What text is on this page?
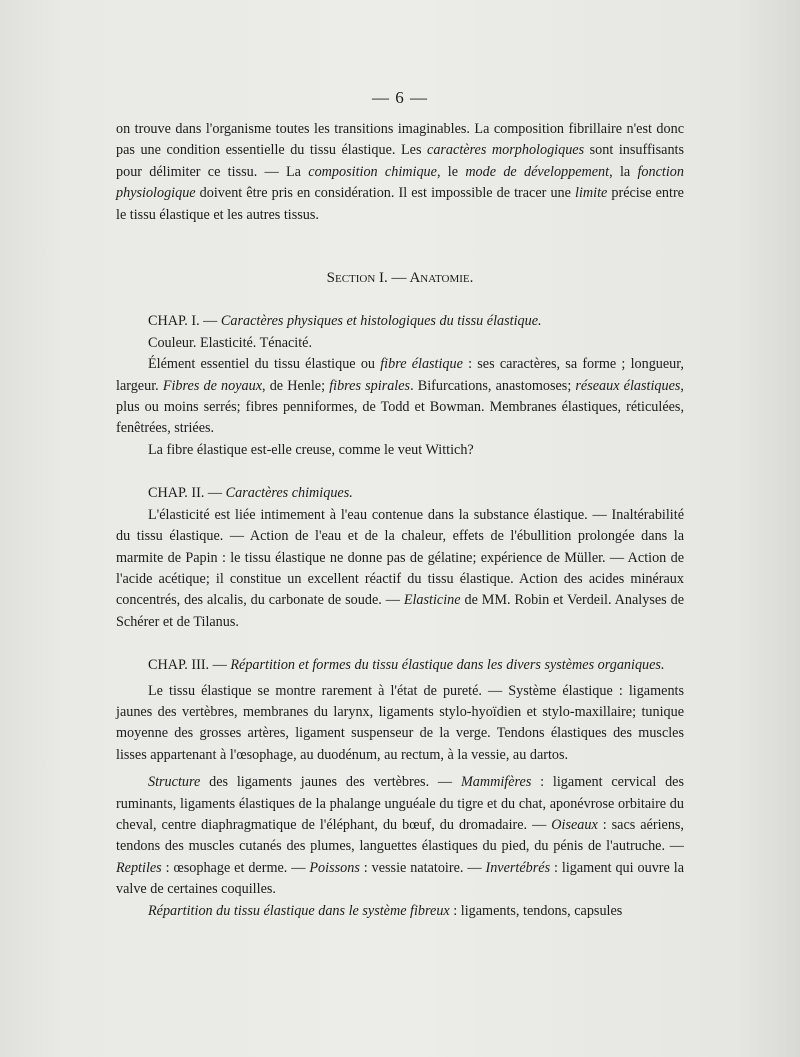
— 6 —

on trouve dans l'organisme toutes les transitions imaginables. La composition fibrillaire n'est donc pas une condition essentielle du tissu élastique. Les caractères morphologiques sont insuffisants pour délimiter ce tissu. — La composition chimique, le mode de développement, la fonction physiologique doivent être pris en considération. Il est impossible de tracer une limite précise entre le tissu élastique et les autres tissus.

Section I. — Anatomie.

CHAP. I. — Caractères physiques et histologiques du tissu élastique.

Couleur. Elasticité. Ténacité.

Élément essentiel du tissu élastique ou fibre élastique : ses caractères, sa forme ; longueur, largeur. Fibres de noyaux, de Henle; fibres spirales. Bifurcations, anastomoses; réseaux élastiques, plus ou moins serrés; fibres penniformes, de Todd et Bowman. Membranes élastiques, réticulées, fenêtrées, striées.

La fibre élastique est-elle creuse, comme le veut Wittich?

CHAP. II. — Caractères chimiques.

L'élasticité est liée intimement à l'eau contenue dans la substance élastique. — Inaltérabilité du tissu élastique. — Action de l'eau et de la chaleur, effets de l'ébullition prolongée dans la marmite de Papin : le tissu élastique ne donne pas de gélatine; expérience de Müller. — Action de l'acide acétique; il constitue un excellent réactif du tissu élastique. Action des acides minéraux concentrés, des alcalis, du carbonate de soude. — Elasticine de MM. Robin et Verdeil. Analyses de Schérer et de Tilanus.

CHAP. III. — Répartition et formes du tissu élastique dans les divers systèmes organiques.

Le tissu élastique se montre rarement à l'état de pureté. — Système élastique : ligaments jaunes des vertèbres, membranes du larynx, ligaments stylo-hyoïdien et stylo-maxillaire; tunique moyenne des grosses artères, ligament suspenseur de la verge. Tendons élastiques des muscles lisses appartenant à l'œsophage, au duodénum, au rectum, à la vessie, au dartos.

Structure des ligaments jaunes des vertèbres. — Mammifères : ligament cervical des ruminants, ligaments élastiques de la phalange unguéale du tigre et du chat, aponévrose orbitaire du cheval, centre diaphragmatique de l'éléphant, du bœuf, du dromadaire. — Oiseaux : sacs aériens, tendons des muscles cutanés des plumes, languettes élastiques du pied, du pénis de l'autruche. — Reptiles : œsophage et derme. — Poissons : vessie natatoire. — Invertébrés : ligament qui ouvre la valve de certaines coquilles.

Répartition du tissu élastique dans le système fibreux : ligaments, tendons, capsules
